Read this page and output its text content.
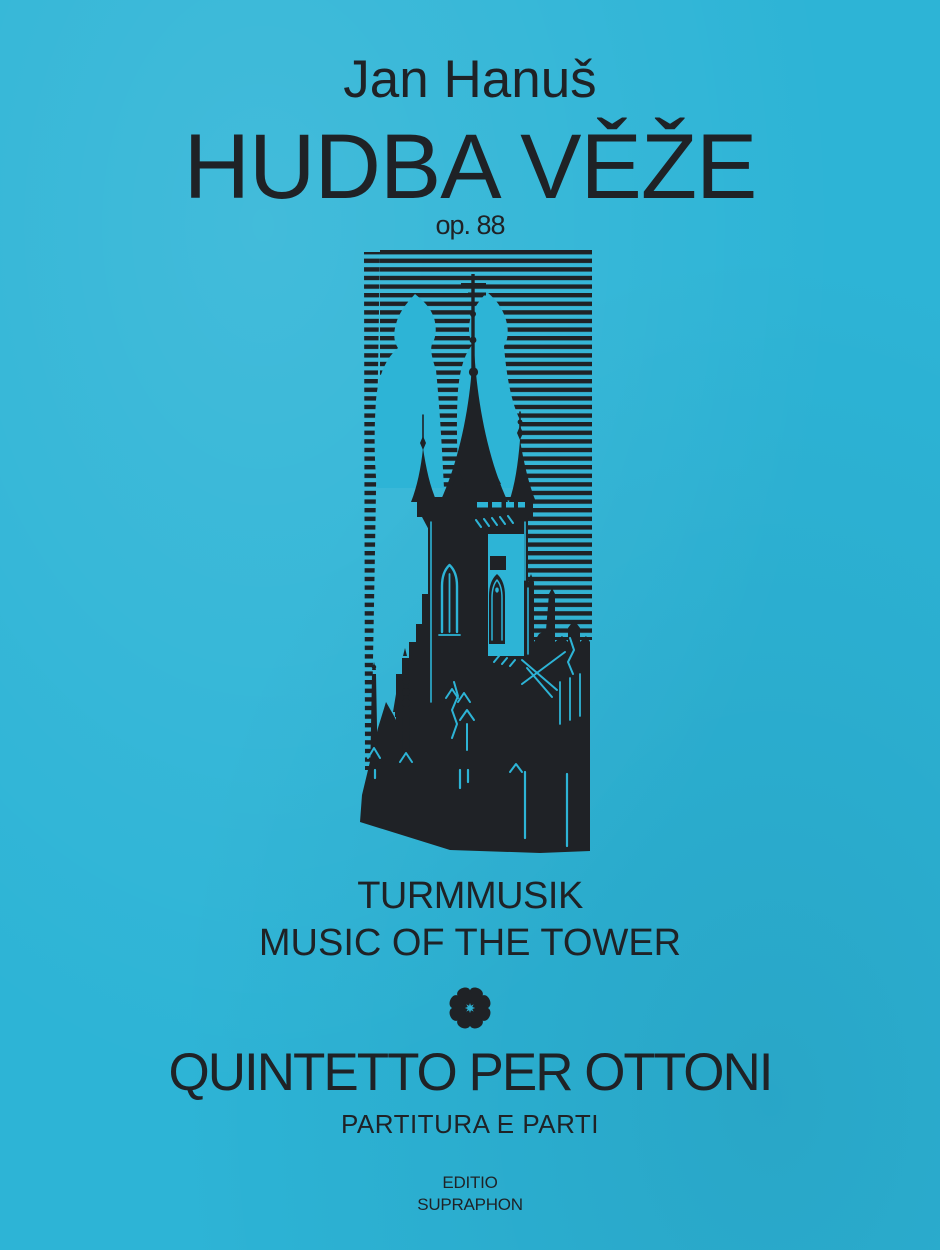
Jan Hanuš
HUDBA VĚŽE
op. 88
TURMMUSIK
MUSIC OF THE TOWER
QUINTETTO PER OTTONI
PARTITURA E PARTI
EDITIO
SUPRAPHON
